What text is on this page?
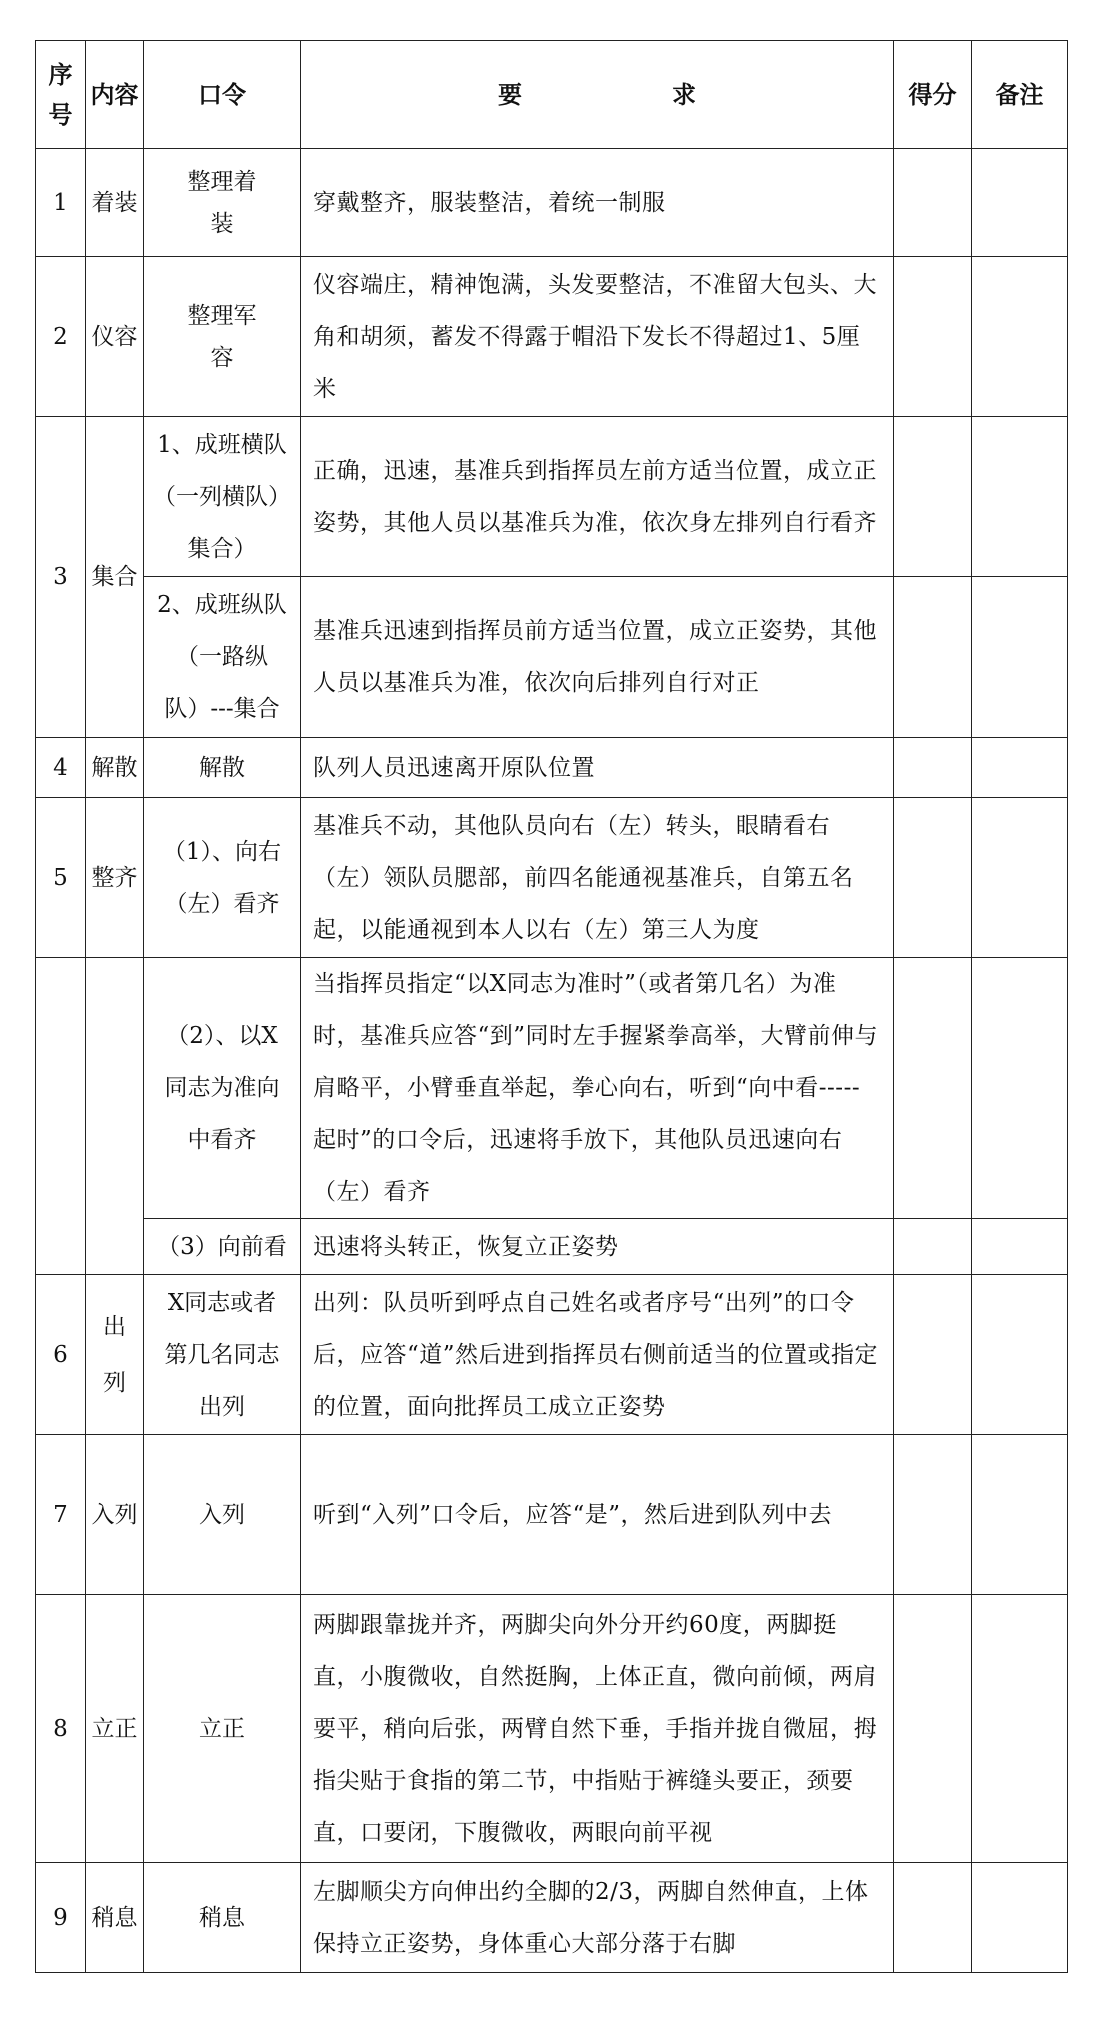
序号	内容	口令	要 求	得分	备注
1	着装	整理着装	穿戴整齐，服装整洁，着统一制服		
2	仪容	整理军容	仪容端庄，精神饱满，头发要整洁，不准留大包头、大角和胡须，蓄发不得露于帽沿下发长不得超过1、5厘米		
3	集合	1、成班横队（一列横队）集合）	正确，迅速，基准兵到指挥员左前方适当位置，成立正姿势，其他人员以基准兵为准，依次身左排列自行看齐		
		2、成班纵队（一路纵队）---集合	基准兵迅速到指挥员前方适当位置，成立正姿势，其他人员以基准兵为准，依次向后排列自行对正		
4	解散	解散	队列人员迅速离开原队位置		
5	整齐	（1）、向右（左）看齐	基准兵不动，其他队员向右（左）转头，眼睛看右（左）领队员腮部，前四名能通视基准兵，自第五名起，以能通视到本人以右（左）第三人为度		
		（2）、以X同志为准向中看齐	当指挥员指定“以X同志为准时”（或者第几名）为准时，基准兵应答“到”同时左手握紧拳高举，大臂前伸与肩略平，小臂垂直举起，拳心向右，听到“向中看-----起时”的口令后，迅速将手放下，其他队员迅速向右（左）看齐		
		（3）向前看	迅速将头转正，恢复立正姿势		
6	出列	X同志或者第几名同志出列	出列：队员听到呼点自己姓名或者序号“出列”的口令后，应答“道”然后进到指挥员右侧前适当的位置或指定的位置，面向批挥员工成立正姿势		
7	入列	入列	听到“入列”口令后，应答“是”，然后进到队列中去		
8	立正	立正	两脚跟靠拢并齐，两脚尖向外分开约60度，两脚挺直，小腹微收，自然挺胸，上体正直，微向前倾，两肩要平，稍向后张，两臂自然下垂，手指并拢自微屈，拇指尖贴于食指的第二节，中指贴于裤缝头要正，颈要直，口要闭，下腹微收，两眼向前平视		
9	稍息	稍息	左脚顺尖方向伸出约全脚的2/3，两脚自然伸直，上体保持立正姿势，身体重心大部分落于右脚		
